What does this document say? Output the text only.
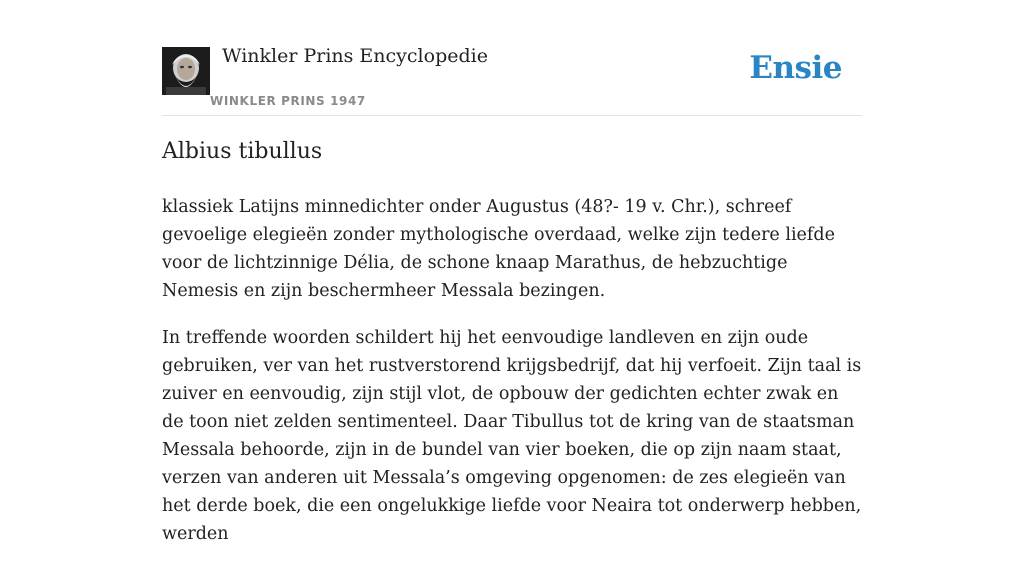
Winkler Prins Encyclopedie
WINKLER PRINS 1947
Ensie
Albius tibullus

klassiek Latijns minnedichter onder Augustus (48?- 19 v. Chr.), schreef gevoelige elegieën zonder mythologische overdaad, welke zijn tedere liefde voor de lichtzinnige Délia, de schone knaap Marathus, de hebzuchtige Nemesis en zijn beschermheer Messala bezingen.

In treffende woorden schildert hij het eenvoudige landleven en zijn oude gebruiken, ver van het rustverstorend krijgsbedrijf, dat hij verfoeit. Zijn taal is zuiver en eenvoudig, zijn stijl vlot, de opbouw der gedichten echter zwak en de toon niet zelden sentimenteel. Daar Tibullus tot de kring van de staatsman Messala behoorde, zijn in de bundel van vier boeken, die op zijn naam staat, verzen van anderen uit Messala’s omgeving opgenomen: de zes elegieën van het derde boek, die een ongelukkige liefde voor Neaira tot onderwerp hebben, werden
